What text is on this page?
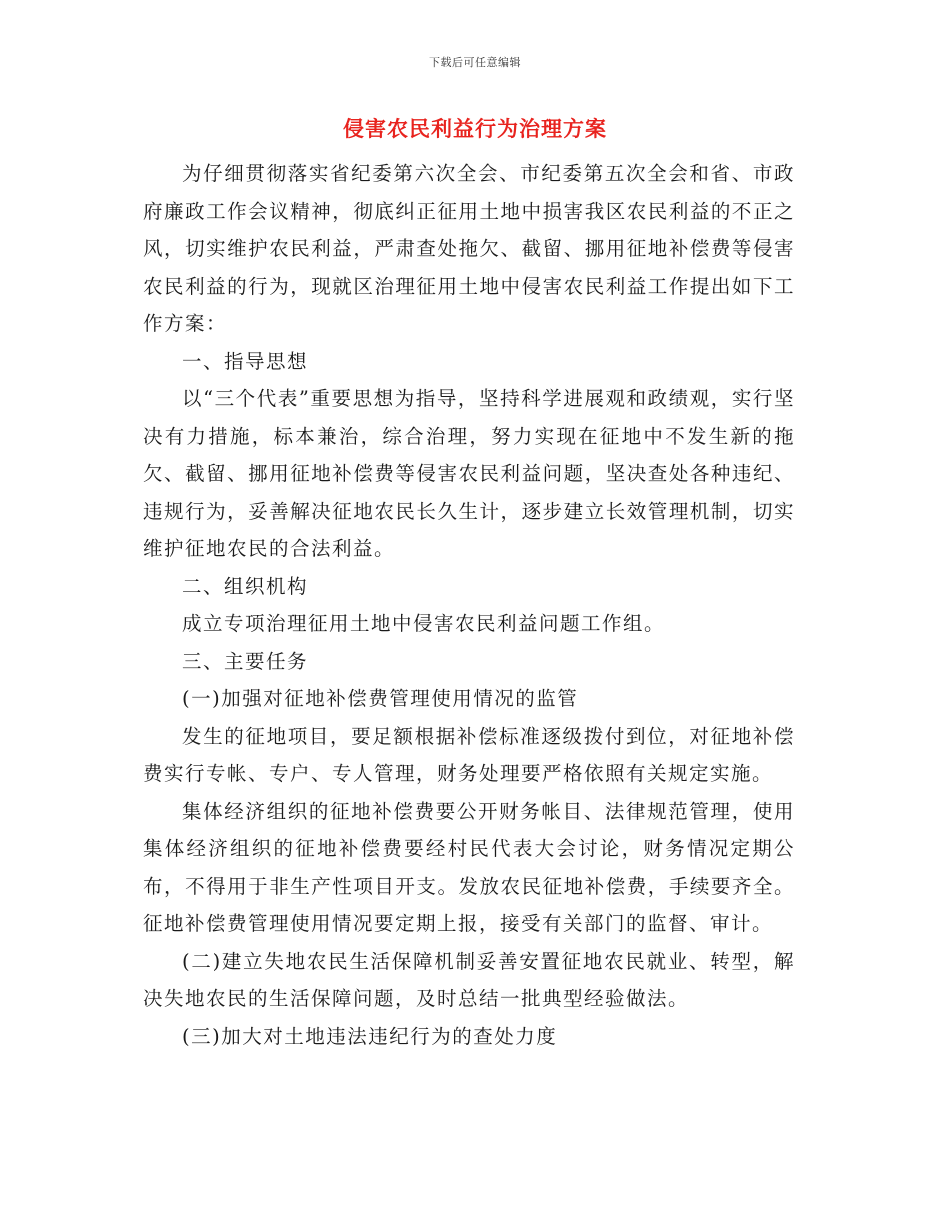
下载后可任意编辑
侵害农民利益行为治理方案

为仔细贯彻落实省纪委第六次全会、市纪委第五次全会和省、市政府廉政工作会议精神，彻底纠正征用土地中损害我区农民利益的不正之风，切实维护农民利益，严肃查处拖欠、截留、挪用征地补偿费等侵害农民利益的行为，现就区治理征用土地中侵害农民利益工作提出如下工作方案：

一、指导思想

以“三个代表”重要思想为指导，坚持科学进展观和政绩观，实行坚决有力措施，标本兼治，综合治理，努力实现在征地中不发生新的拖欠、截留、挪用征地补偿费等侵害农民利益问题，坚决查处各种违纪、违规行为，妥善解决征地农民长久生计，逐步建立长效管理机制，切实维护征地农民的合法利益。

二、组织机构

成立专项治理征用土地中侵害农民利益问题工作组。

三、主要任务

(一)加强对征地补偿费管理使用情况的监管

发生的征地项目，要足额根据补偿标准逐级拨付到位，对征地补偿费实行专帐、专户、专人管理，财务处理要严格依照有关规定实施。

集体经济组织的征地补偿费要公开财务帐目、法律规范管理，使用集体经济组织的征地补偿费要经村民代表大会讨论，财务情况定期公布，不得用于非生产性项目开支。发放农民征地补偿费，手续要齐全。征地补偿费管理使用情况要定期上报，接受有关部门的监督、审计。

(二)建立失地农民生活保障机制妥善安置征地农民就业、转型，解决失地农民的生活保障问题，及时总结一批典型经验做法。

(三)加大对土地违法违纪行为的查处力度
